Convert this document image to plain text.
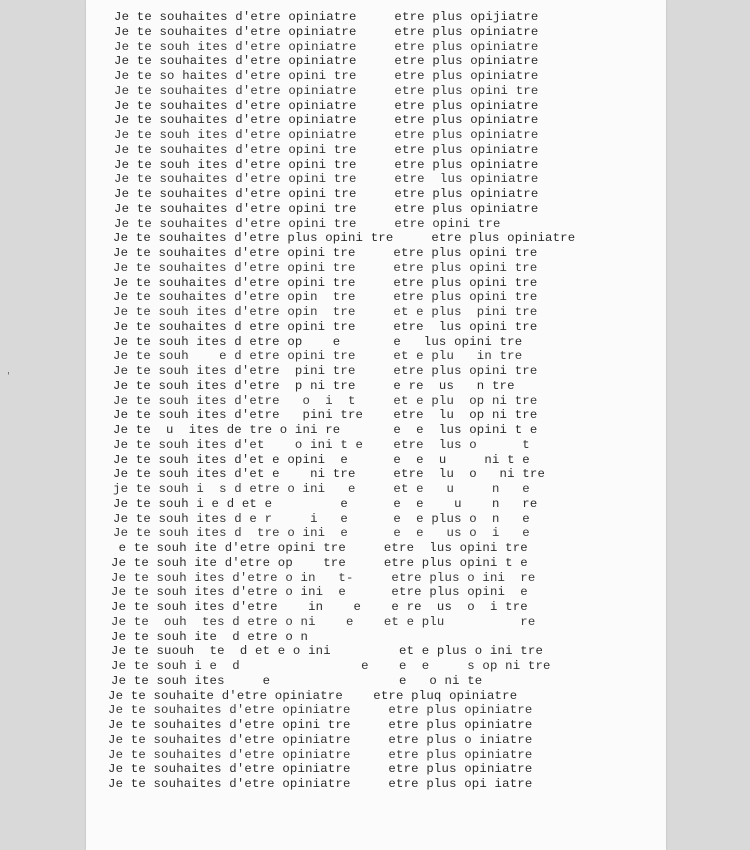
Je te souhaites d'etre opiniatre     etre plus opijiatre
Je te souhaites d'etre opiniatre     etre plus opiniatre
Je te souh ites d'etre opiniatre     etre plus opiniatre
Je te souhaites d'etre opiniatre     etre plus opiniatre
Je te so haites d'etre opini tre     etre plus opiniatre
Je te souhaites d'etre opiniatre     etre plus opini tre
Je te souhaites d'etre opiniatre     etre plus opiniatre
Je te souhaites d'etre opiniatre     etre plus opiniatre
Je te souh ites d'etre opiniatre     etre plus opiniatre
Je te souhaites d'etre opini tre     etre plus opiniatre
Je te souh ites d'etre opini tre     etre plus opiniatre
Je te souhaites d'etre opini tre     etre  lus opiniatre
Je te souhaites d'etre opini tre     etre plus opiniatre
Je te souhaites d'etre opini tre     etre plus opiniatre
Je te souhaites d'etre opini tre     etre opini tre
Je te souhaites d'etre plus opini tre     etre plus opiniatre
Je te souhaites d'etre opini tre     etre plus opini tre
Je te souhaites d'etre opini tre     etre plus opini tre
Je te souhaites d'etre opini tre     etre plus opini tre
Je te souhaites d'etre opin  tre     etre plus opini tre
Je te souh ites d'etre opin  tre     et e plus  pini tre
Je te souhaites d etre opini tre     etre  lus opini tre
Je te souh ites d etre op    e       e   lus opini tre
Je te souh    e d etre opini tre     et e plu   in tre
Je te souh ites d'etre  pini tre     etre plus opini tre
Je te souh ites d'etre  p ni tre     e re  us   n tre
Je te souh ites d'etre   o  i  t     et e plu  op ni tre
Je te souh ites d'etre   pini tre    etre  lu  op ni tre
Je te  u  ites de tre o ini re       e  e  lus opini t e
Je te souh ites d'et    o ini t e    etre  lus o      t
Je te souh ites d'et e opini  e      e  e  u     ni t e
Je te souh ites d'et e    ni tre     etre  lu  o   ni tre
je te souh i  s d etre o ini   e     et e   u     n   e
Je te souh i e d et e         e      e  e    u    n   re
Je te souh ites d e r     i   e      e  e plus o  n   e
Je te souh ites d  tre o ini  e      e  e   us o  i   e
e te souh ite d'etre opini tre     etre  lus opini tre
Je te souh ite d'etre op    tre     etre plus opini t e
Je te souh ites d'etre o in   t-     etre plus o ini  re
Je te souh ites d'etre o ini  e      etre plus opini  e
Je te souh ites d'etre    in    e    e re  us  o  i tre
Je te  ouh  tes d etre o ni    e    et e plu          re
Je te souh ite  d etre o n
Je te suouh  te  d et e o ini         et e plus o ini tre
Je te souh i e  d                e    e  e     s op ni tre
Je te souh ites     e                 e   o ni te
Je te souhaite d'etre opiniatre    etre pluq opiniatre
Je te souhaites d'etre opiniatre     etre plus opiniatre
Je te souhaites d'etre opini tre     etre plus opiniatre
Je te souhaites d'etre opiniatre     etre plus o iniatre
Je te souhaites d'etre opiniatre     etre plus opiniatre
Je te souhaites d'etre opiniatre     etre plus opiniatre
Je te souhaites d'etre opiniatre     etre plus opi iatre
'
